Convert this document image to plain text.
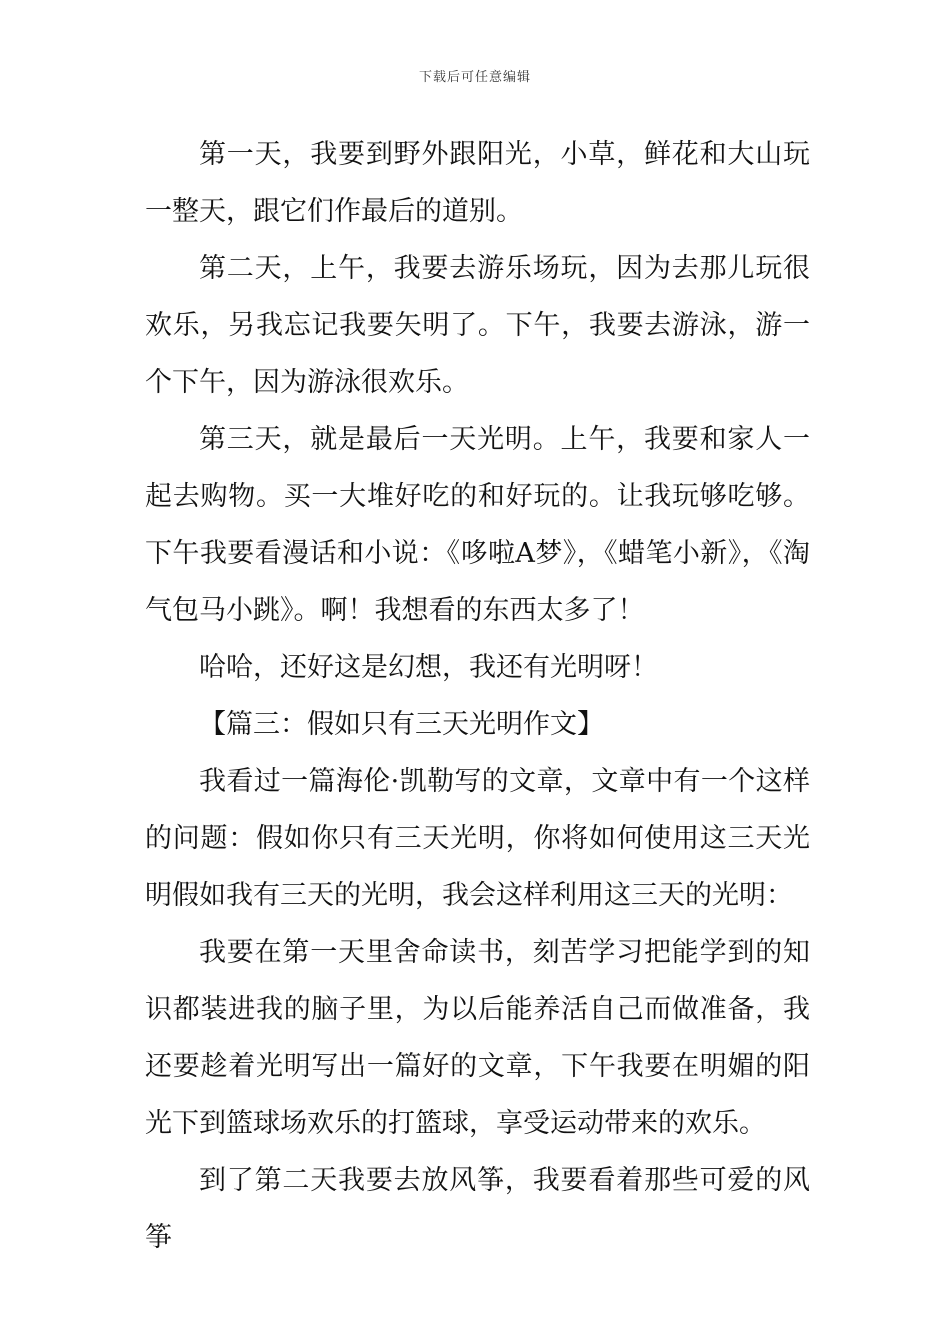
下载后可任意编辑

第一天，我要到野外跟阳光，小草，鲜花和大山玩一整天，跟它们作最后的道别。

第二天，上午，我要去游乐场玩，因为去那儿玩很欢乐，另我忘记我要矢明了。下午，我要去游泳，游一个下午，因为游泳很欢乐。

第三天，就是最后一天光明。上午，我要和家人一起去购物。买一大堆好吃的和好玩的。让我玩够吃够。下午我要看漫话和小说：《哆啦A梦》，《蜡笔小新》，《淘气包马小跳》。啊！我想看的东西太多了！

哈哈，还好这是幻想，我还有光明呀！

【篇三：假如只有三天光明作文】

我看过一篇海伦·凯勒写的文章，文章中有一个这样的问题：假如你只有三天光明，你将如何使用这三天光明假如我有三天的光明，我会这样利用这三天的光明：

我要在第一天里舍命读书，刻苦学习把能学到的知识都装进我的脑子里，为以后能养活自己而做准备，我还要趁着光明写出一篇好的文章，下午我要在明媚的阳光下到篮球场欢乐的打篮球，享受运动带来的欢乐。

到了第二天我要去放风筝，我要看着那些可爱的风筝
